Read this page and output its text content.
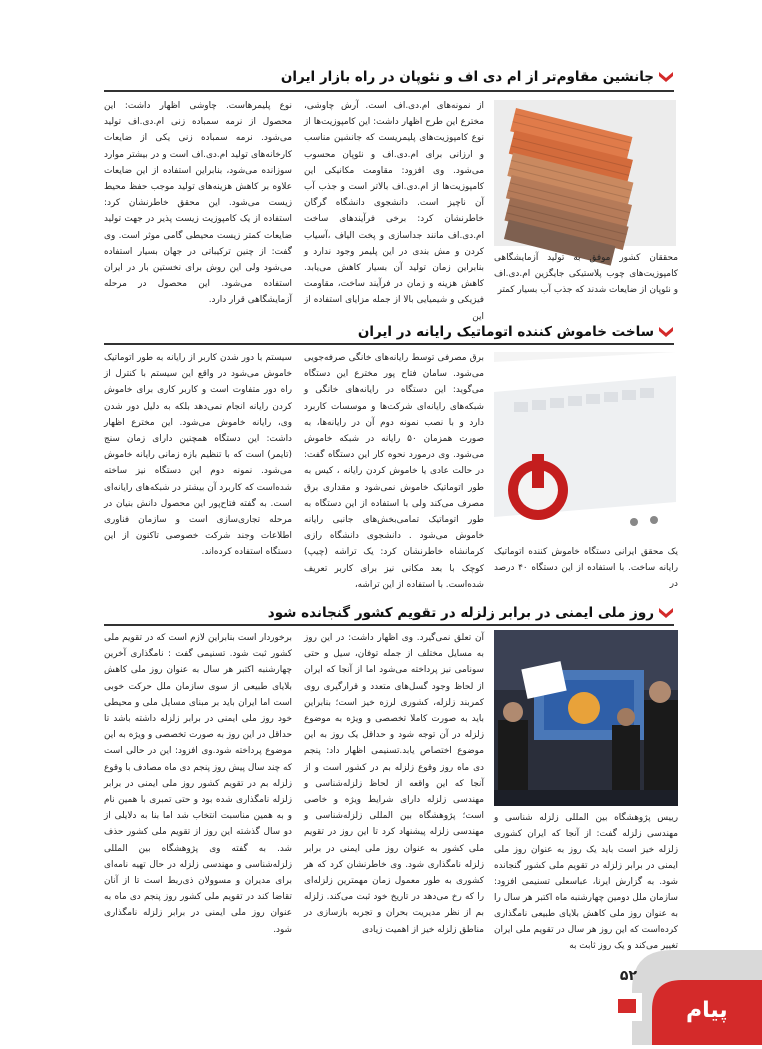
جانشین مقاوم‌تر از ام دی اف و نئوپان در راه بازار ایران
محققان کشور موفق به تولید آزمایشگاهی کامپوزیت‌های چوب پلاستیکی جایگزین ام.دی.اف و نئوپان از ضایعات شدند که جذب آب بسیار کمتر
از نمونه‌های ام.دی.اف است. آرش چاوشی، مخترع این طرح اظهار داشت: این کامپوزیت‌ها از نوع کامپوزیت‌های پلیمریست که جانشین مناسب و ارزانی برای ام.دی.اف و نئوپان محسوب می‌شود. وی افزود: مقاومت مکانیکی این کامپوزیت‌ها از ام.دی.اف بالاتر است و جذب آب آن ناچیز است. دانشجوی دانشگاه گرگان خاطرنشان کرد: برخی فرآیندهای ساخت ام.دی.اف مانند جداسازی و پخت الیاف ،آسیاب کردن و مش بندی در این پلیمر وجود ندارد و بنابراین زمان تولید آن بسیار کاهش می‌یابد. کاهش هزینه و زمان در فرآیند ساخت، مقاومت فیزیکی و شیمیایی بالا از جمله مزایای استفاده از این
نوع پلیمرهاست. چاوشی اظهار داشت: این محصول از نرمه سمباده زنی ام.دی.اف تولید می‌شود. نرمه سمباده زنی یکی از ضایعات کارخانه‌های تولید ام.دی.اف است و در بیشتر موارد سوزانده می‌شود، بنابراین استفاده از این ضایعات علاوه بر کاهش هزینه‌های تولید موجب حفظ محیط زیست می‌شود. این محقق خاطرنشان کرد: استفاده از یک کامپوزیت زیست پذیر در جهت تولید ضایعات کمتر زیست محیطی گامی موثر است. وی گفت: از چنین ترکیباتی در جهان بسیار استفاده می‌شود ولی این روش برای نخستین بار در ایران استفاده می‌شود. این محصول در مرحله آزمایشگاهی قرار دارد.
ساخت خاموش کننده اتوماتیک رایانه در ایران
یک محقق ایرانی دستگاه خاموش کننده اتوماتیک رایانه ساخت. با استفاده از این دستگاه ۴۰ درصد در
برق مصرفی توسط رایانه‌های خانگی صرفه‌جویی می‌شود. سامان فتاح پور مخترع این دستگاه می‌گوید: این دستگاه در رایانه‌های خانگی و شبکه‌های رایانه‌ای شرکت‌ها و موسسات کاربرد دارد و با نصب نمونه دوم آن در رایانه‌ها، به صورت همزمان ۵۰ رایانه در شبکه خاموش می‌شود. وی درمورد نحوه کار این دستگاه گفت: در حالت عادی یا خاموش کردن رایانه ، کیس به طور اتوماتیک خاموش نمی‌شود و مقداری برق مصرف می‌کند ولی با استفاده از این دستگاه به طور اتوماتیک تمامی‌بخش‌های جانبی رایانه خاموش می‌شود . دانشجوی دانشگاه رازی کرمانشاه خاطرنشان کرد: یک تراشه (چیپ) کوچک با بعد مکانی نیز برای کاربر تعریف شده‌است. با استفاده از این تراشه،
سیستم با دور شدن کاربر از رایانه به طور اتوماتیک خاموش می‌شود در واقع این سیستم با کنترل از راه دور متفاوت است و کاربر کاری برای خاموش کردن رایانه انجام نمی‌دهد بلکه به دلیل دور شدن وی، رایانه خاموش می‌شود. این مخترع اظهار داشت: این دستگاه همچنین دارای زمان سنج (تایمر) است که با تنظیم بازه زمانی رایانه خاموش می‌شود. نمونه دوم این دستگاه نیز ساخته شده‌است که کاربرد آن بیشتر در شبکه‌های رایانه‌ای است. به گفته فتاح‌پور این محصول دانش بنیان در مرحله تجاری‌سازی است و سازمان فناوری اطلاعات وجند شرکت خصوصی تاکنون از این دستگاه استفاده کرده‌اند.
روز ملی ایمنی در برابر زلزله در تقویم کشور گنجانده شود
رییس پژوهشگاه بین المللی زلزله شناسی و مهندسی زلزله گفت: از آنجا که ایران کشوری زلزله خیز است باید یک روز به عنوان روز ملی ایمنی در برابر زلزله در تقویم ملی کشور گنجانده شود. به گزارش ایرنا، عباسعلی تسنیمی افزود: سازمان ملل دومین چهارشنبه ماه اکتبر هر سال را به عنوان روز ملی کاهش بلایای طبیعی نامگذاری کرده‌است که این روز هر سال در تقویم ملی ایران تغییر می‌کند و یک روز ثابت به
آن تعلق نمی‌گیرد. وی اظهار داشت: در این روز به مسایل مختلف از جمله توفان، سیل و حتی سونامی نیز پرداخته می‌شود اما از آنجا که ایران از لحاظ وجود گسل‌های متعدد و قرارگیری روی کمربند زلزله، کشوری لرزه خیز است؛ بنابراین باید به صورت کاملا تخصصی و ویژه به موضوع زلزله در آن توجه شود و حداقل یک روز به این موضوع اختصاص یابد.تسنیمی اظهار داد: پنجم دی ماه روز وقوع زلزله بم در کشور است و از آنجا که این واقعه از لحاظ زلزله‌شناسی و مهندسی زلزله دارای شرایط ویژه و خاصی است؛ پژوهشگاه بین المللی زلزله‌شناسی و مهندسی زلزله پیشنهاد کرد تا این روز در تقویم ملی کشور به عنوان روز ملی ایمنی در برابر زلزله نامگذاری شود. وی خاطرنشان کرد که هر کشوری به طور معمول زمان مهمترین زلزله‌ای را که رخ می‌دهد در تاریخ خود ثبت می‌کند. زلزله بم از نظر مدیریت بحران و تجربه بازسازی در مناطق زلزله خیز از اهمیت زیادی
برخوردار است بنابراین لازم است که در تقویم ملی کشور ثبت شود. تسنیمی گفت : نامگذاری آخرین چهارشنبه اکتبر هر سال به عنوان روز ملی کاهش بلایای طبیعی از سوی سازمان ملل حرکت خوبی است اما ایران باید بر مبنای مسایل ملی و محیطی خود روز ملی ایمنی در برابر زلزله داشته باشد تا حداقل در این روز به صورت تخصصی و ویژه به این موضوع پرداخته شود.وی افزود: این در حالی است که چند سال پیش روز پنجم دی ماه مصادف با وقوع زلزله بم در تقویم کشور روز ملی ایمنی در برابر زلزله نامگذاری شده بود و حتی تمبری با همین نام و به همین مناسبت انتخاب شد اما بنا به دلایلی از دو سال گذشته این روز از تقویم ملی کشور حذف شد. به گفته وی پژوهشگاه بین المللی زلزله‌شناسی و مهندسی زلزله در حال تهیه نامه‌ای برای مدیران و مسوولان ذی‌ربط است تا از آنان تقاضا کند در تقویم ملی کشور روز پنجم دی ماه به عنوان روز ملی ایمنی در برابر زلزله نامگذاری شود.
۵۲
پیام
